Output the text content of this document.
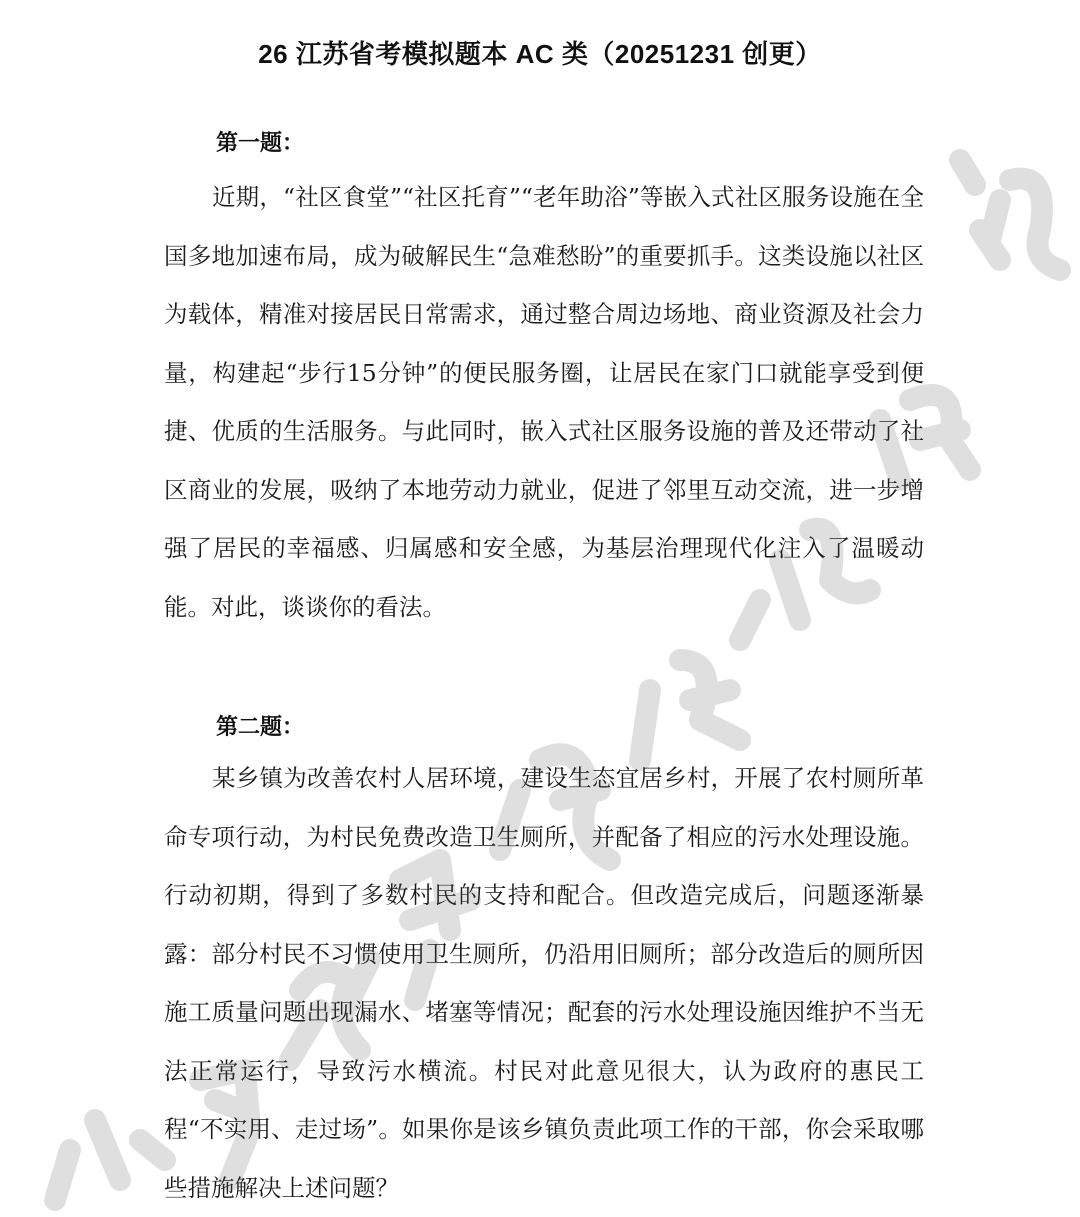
26 江苏省考模拟题本 AC 类（20251231 创更）
第一题：

近期，“社区食堂”“社区托育”“老年助浴”等嵌入式社区服务设施在全国多地加速布局，成为破解民生“急难愁盼”的重要抓手。这类设施以社区为载体，精准对接居民日常需求，通过整合周边场地、商业资源及社会力量，构建起“步行15分钟”的便民服务圈，让居民在家门口就能享受到便捷、优质的生活服务。与此同时，嵌入式社区服务设施的普及还带动了社区商业的发展，吸纳了本地劳动力就业，促进了邻里互动交流，进一步增强了居民的幸福感、归属感和安全感，为基层治理现代化注入了温暖动能。对此，谈谈你的看法。

第二题：

某乡镇为改善农村人居环境，建设生态宜居乡村，开展了农村厕所革命专项行动，为村民免费改造卫生厕所，并配备了相应的污水处理设施。行动初期，得到了多数村民的支持和配合。但改造完成后，问题逐渐暴露：部分村民不习惯使用卫生厕所，仍沿用旧厕所；部分改造后的厕所因施工质量问题出现漏水、堵塞等情况；配套的污水处理设施因维护不当无法正常运行，导致污水横流。村民对此意见很大，认为政府的惠民工程“不实用、走过场”。如果你是该乡镇负责此项工作的干部，你会采取哪些措施解决上述问题？
